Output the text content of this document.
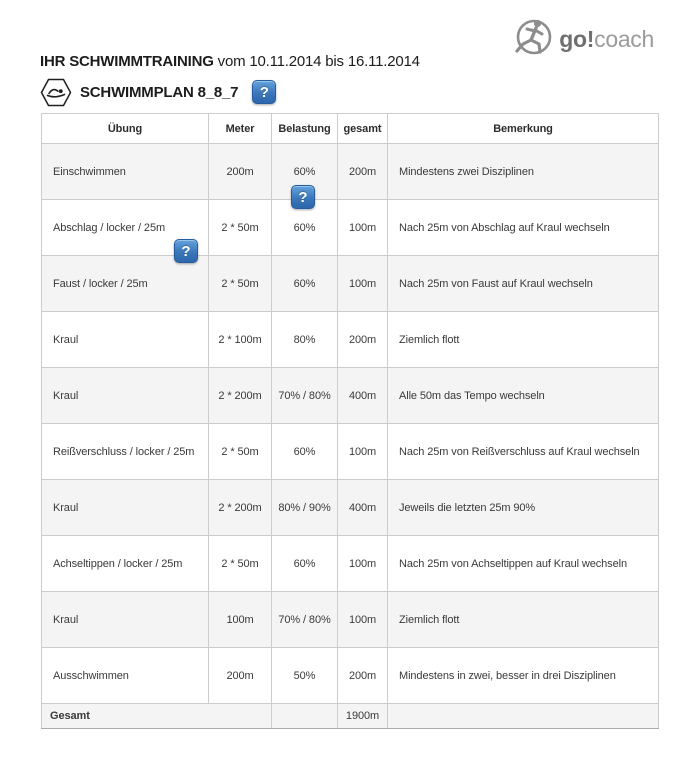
go!coach
IHR SCHWIMMTRAINING vom 10.11.2014 bis 16.11.2014
SCHWIMMPLAN 8_8_7	?
?
?
Übung	Meter	Belastung	gesamt	Bemerkung
Einschwimmen	200m	60%	200m	Mindestens zwei Disziplinen
Abschlag / locker / 25m	2 * 50m	60%	100m	Nach 25m von Abschlag auf Kraul wechseln
Faust / locker / 25m	2 * 50m	60%	100m	Nach 25m von Faust auf Kraul wechseln
Kraul	2 * 100m	80%	200m	Ziemlich flott
Kraul	2 * 200m	70% / 80%	400m	Alle 50m das Tempo wechseln
Reißverschluss / locker / 25m	2 * 50m	60%	100m	Nach 25m von Reißverschluss auf Kraul wechseln
Kraul	2 * 200m	80% / 90%	400m	Jeweils die letzten 25m 90%
Achseltippen / locker / 25m	2 * 50m	60%	100m	Nach 25m von Achseltippen auf Kraul wechseln
Kraul	100m	70% / 80%	100m	Ziemlich flott
Ausschwimmen	200m	50%	200m	Mindestens in zwei, besser in drei Disziplinen
Gesamt			1900m	
